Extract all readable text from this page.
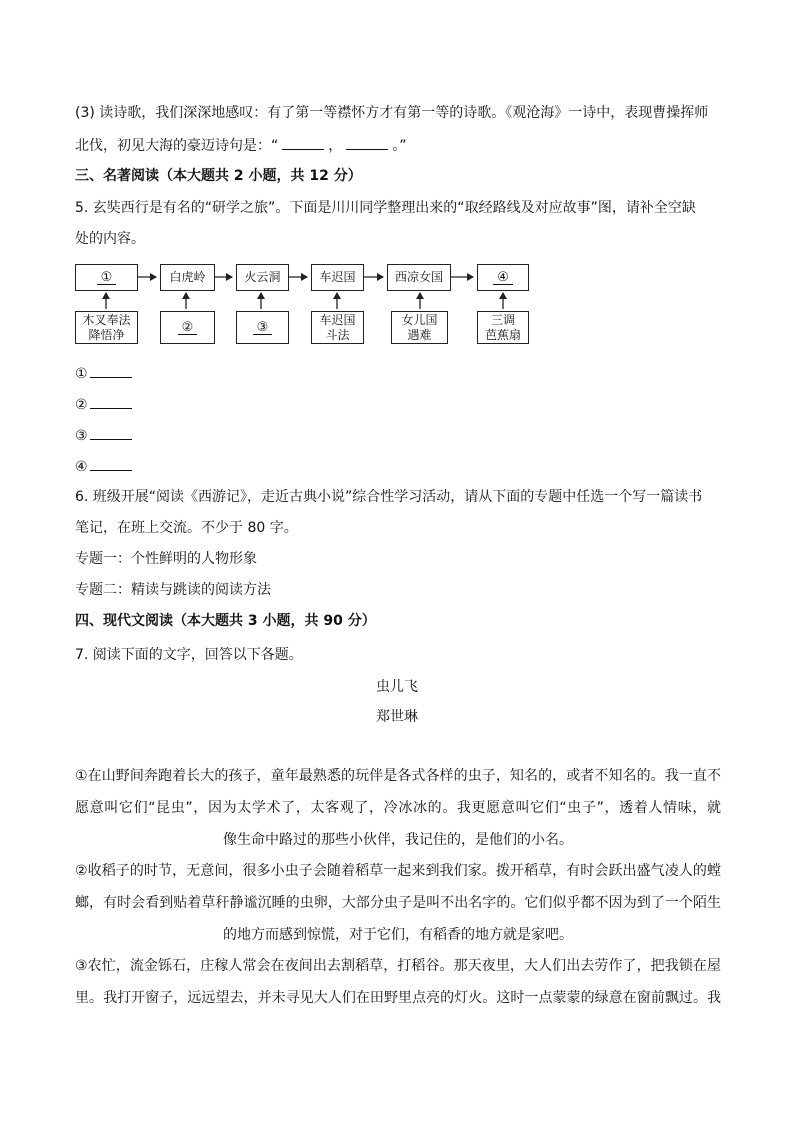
(3) 读诗歌，我们深深地感叹：有了第一等襟怀方才有第一等的诗歌。《观沧海》一诗中，表现曹操挥师
北伐，初见大海的豪迈诗句是：“	，	。”
三、名著阅读（本大题共 2 小题，共 12 分）
5. 玄奘西行是有名的“研学之旅”。下面是川川同学整理出来的“取经路线及对应故事”图，请补全空缺
处的内容。
①	白虎岭	火云洞	车迟国	西凉女国	④
木叉奉法
降悟净	②	③	车迟国
斗法
女儿国
遇难
三调
芭蕉扇
①
②
③
④
6. 班级开展“阅读《西游记》，走近古典小说”综合性学习活动，请从下面的专题中任选一个写一篇读书
笔记，在班上交流。不少于 80 字。
专题一：个性鲜明的人物形象
专题二：精读与跳读的阅读方法
四、现代文阅读（本大题共 3 小题，共 90 分）
7. 阅读下面的文字，回答以下各题。
虫儿飞
郑世琳
①在山野间奔跑着长大的孩子，童年最熟悉的玩伴是各式各样的虫子，知名的，或者不知名的。我一直不
愿意叫它们“昆虫”，因为太学术了，太客观了，冷冰冰的。我更愿意叫它们“虫子”，透着人情味，就
像生命中路过的那些小伙伴，我记住的，是他们的小名。
②收稻子的时节，无意间，很多小虫子会随着稻草一起来到我们家。拨开稻草，有时会跃出盛气凌人的螳
螂，有时会看到贴着草秆静谧沉睡的虫卵，大部分虫子是叫不出名字的。它们似乎都不因为到了一个陌生
的地方而感到惊慌，对于它们，有稻香的地方就是家吧。
③农忙，流金铄石，庄稼人常会在夜间出去割稻草，打稻谷。那天夜里，大人们出去劳作了，把我锁在屋
里。我打开窗子，远远望去，并未寻见大人们在田野里点亮的灯火。这时一点蒙蒙的绿意在窗前飘过。我
